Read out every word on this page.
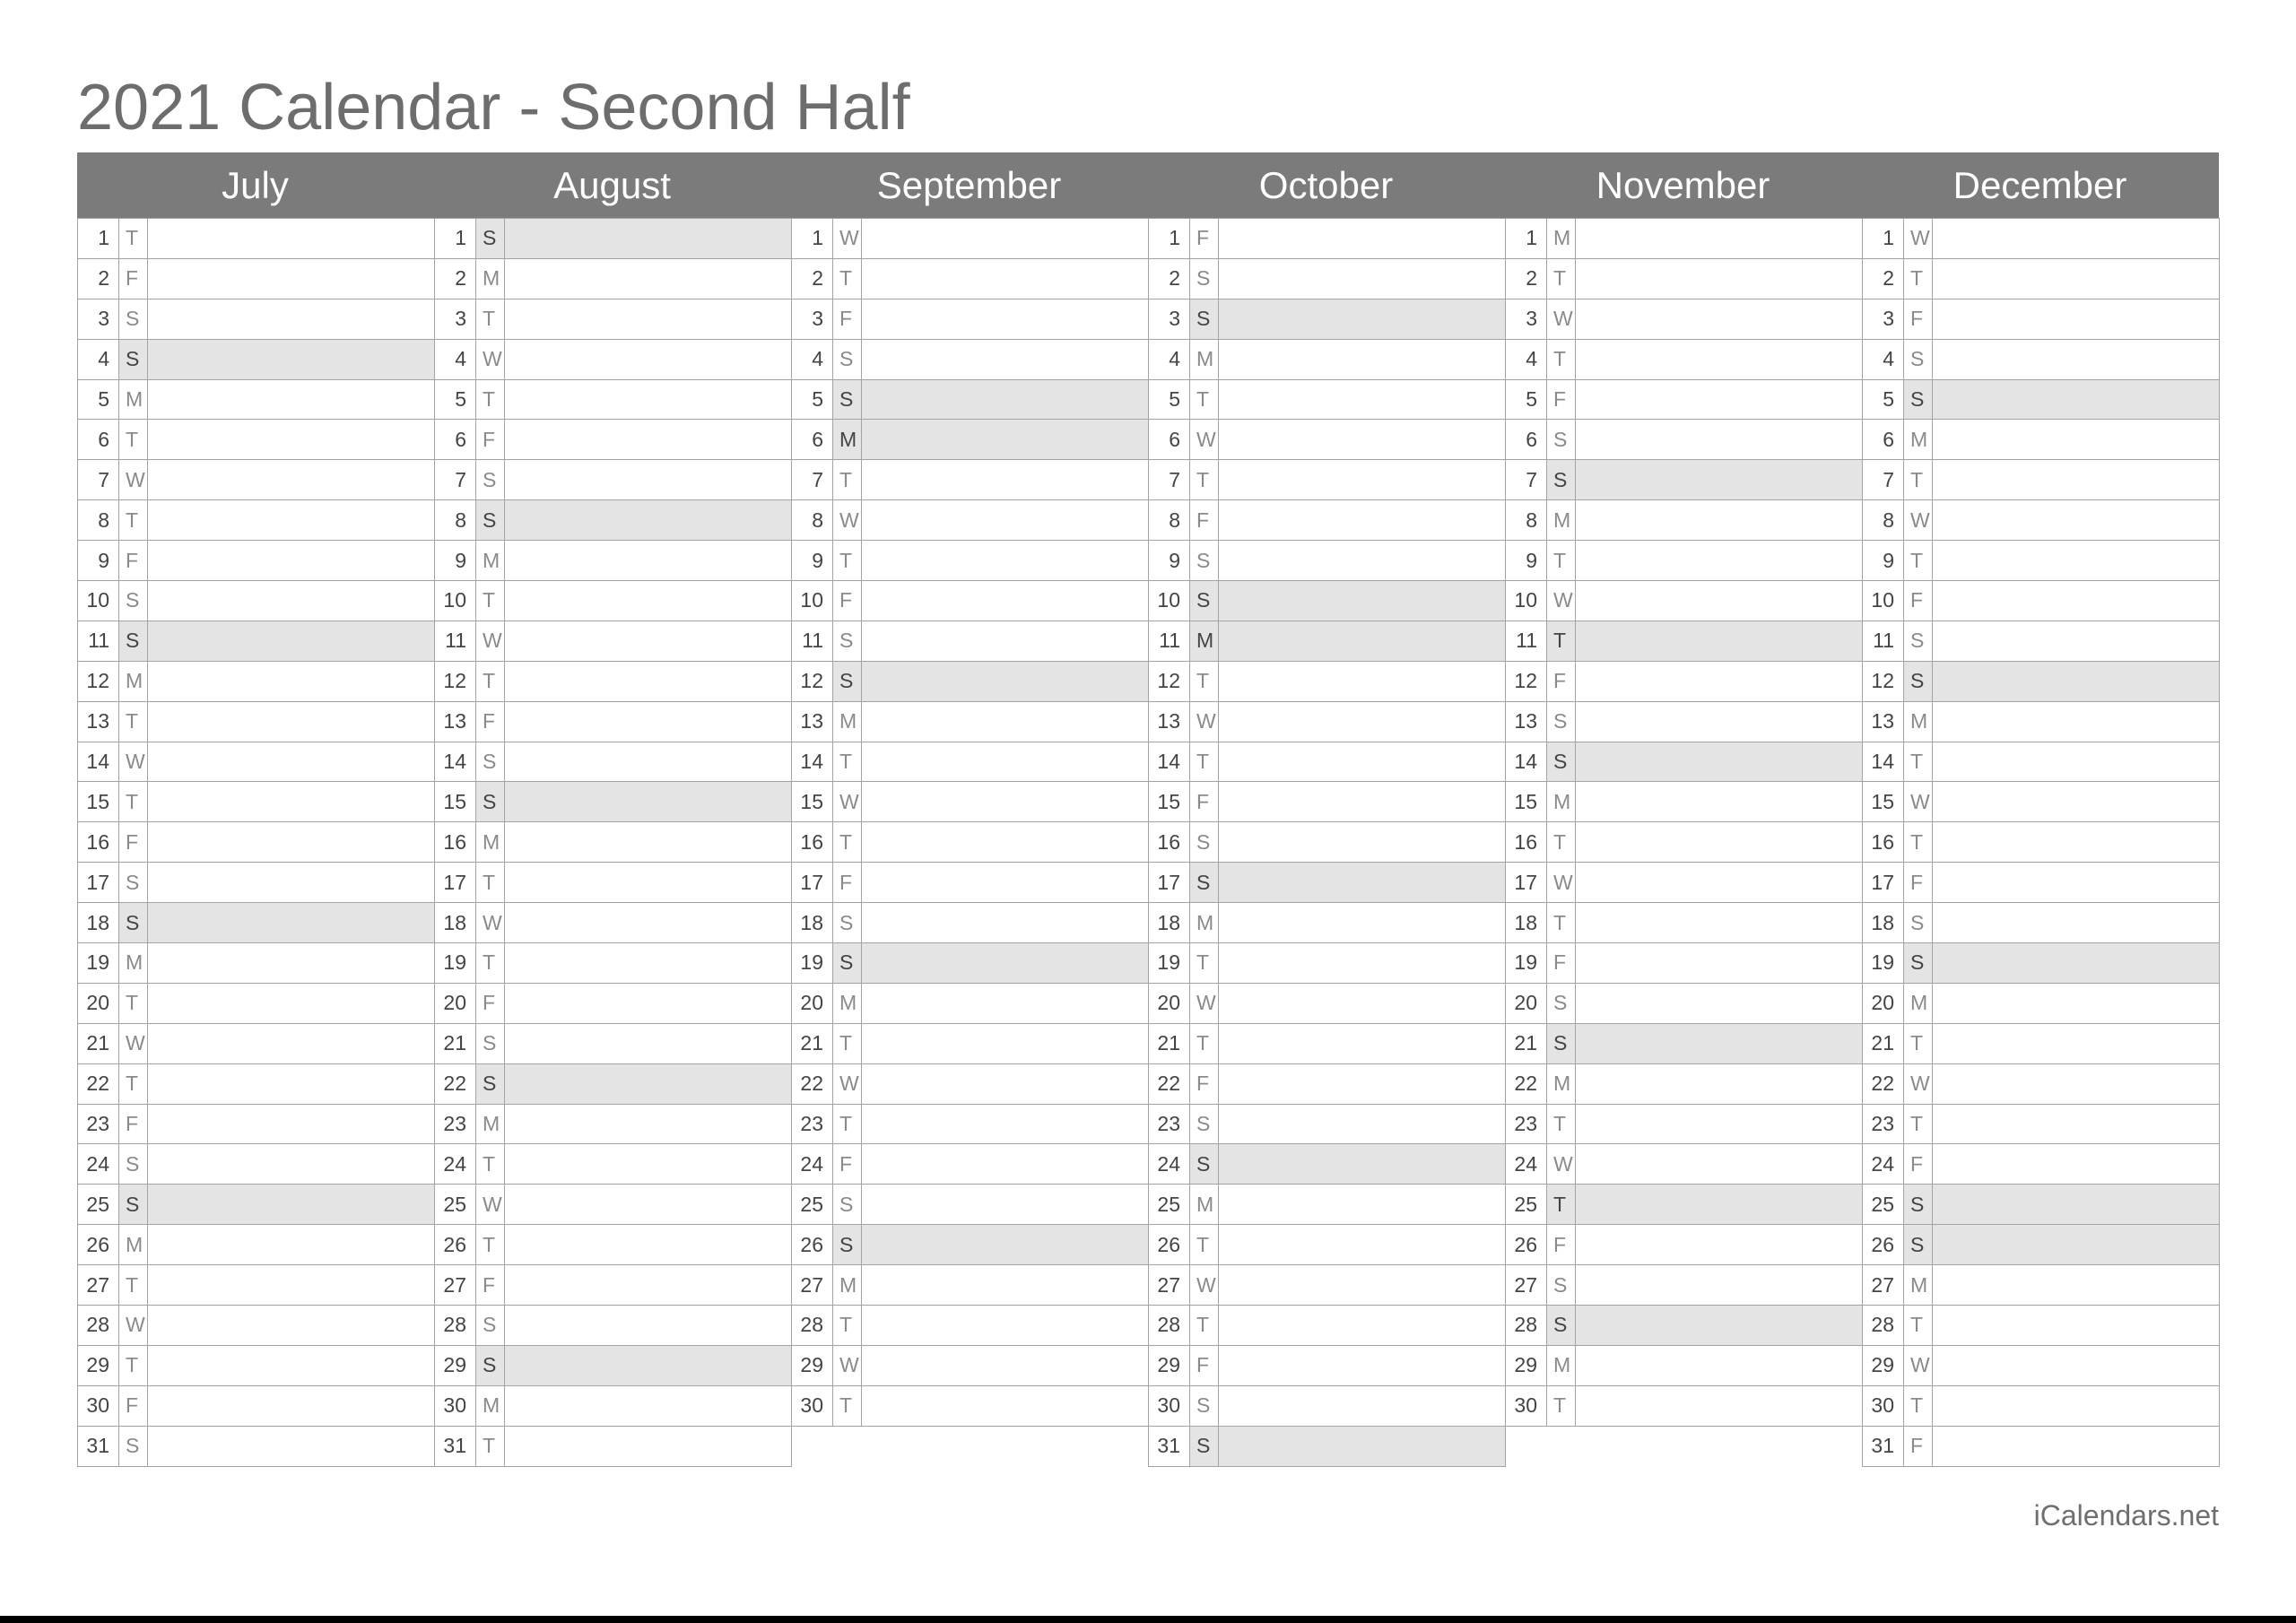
2021 Calendar - Second Half
July	August	September	October	November	December
1	T	
2	F	
3	S	
4	S	
5	M	
6	T	
7	W	
8	T	
9	F	
10	S	
11	S	
12	M	
13	T	
14	W	
15	T	
16	F	
17	S	
18	S	
19	M	
20	T	
21	W	
22	T	
23	F	
24	S	
25	S	
26	M	
27	T	
28	W	
29	T	
30	F	
31	S	
1	S	
2	M	
3	T	
4	W	
5	T	
6	F	
7	S	
8	S	
9	M	
10	T	
11	W	
12	T	
13	F	
14	S	
15	S	
16	M	
17	T	
18	W	
19	T	
20	F	
21	S	
22	S	
23	M	
24	T	
25	W	
26	T	
27	F	
28	S	
29	S	
30	M	
31	T	
1	W	
2	T	
3	F	
4	S	
5	S	
6	M	
7	T	
8	W	
9	T	
10	F	
11	S	
12	S	
13	M	
14	T	
15	W	
16	T	
17	F	
18	S	
19	S	
20	M	
21	T	
22	W	
23	T	
24	F	
25	S	
26	S	
27	M	
28	T	
29	W	
30	T	
1	F	
2	S	
3	S	
4	M	
5	T	
6	W	
7	T	
8	F	
9	S	
10	S	
11	M	
12	T	
13	W	
14	T	
15	F	
16	S	
17	S	
18	M	
19	T	
20	W	
21	T	
22	F	
23	S	
24	S	
25	M	
26	T	
27	W	
28	T	
29	F	
30	S	
31	S	
1	M	
2	T	
3	W	
4	T	
5	F	
6	S	
7	S	
8	M	
9	T	
10	W	
11	T	
12	F	
13	S	
14	S	
15	M	
16	T	
17	W	
18	T	
19	F	
20	S	
21	S	
22	M	
23	T	
24	W	
25	T	
26	F	
27	S	
28	S	
29	M	
30	T	
1	W	
2	T	
3	F	
4	S	
5	S	
6	M	
7	T	
8	W	
9	T	
10	F	
11	S	
12	S	
13	M	
14	T	
15	W	
16	T	
17	F	
18	S	
19	S	
20	M	
21	T	
22	W	
23	T	
24	F	
25	S	
26	S	
27	M	
28	T	
29	W	
30	T	
31	F	
iCalendars.net
